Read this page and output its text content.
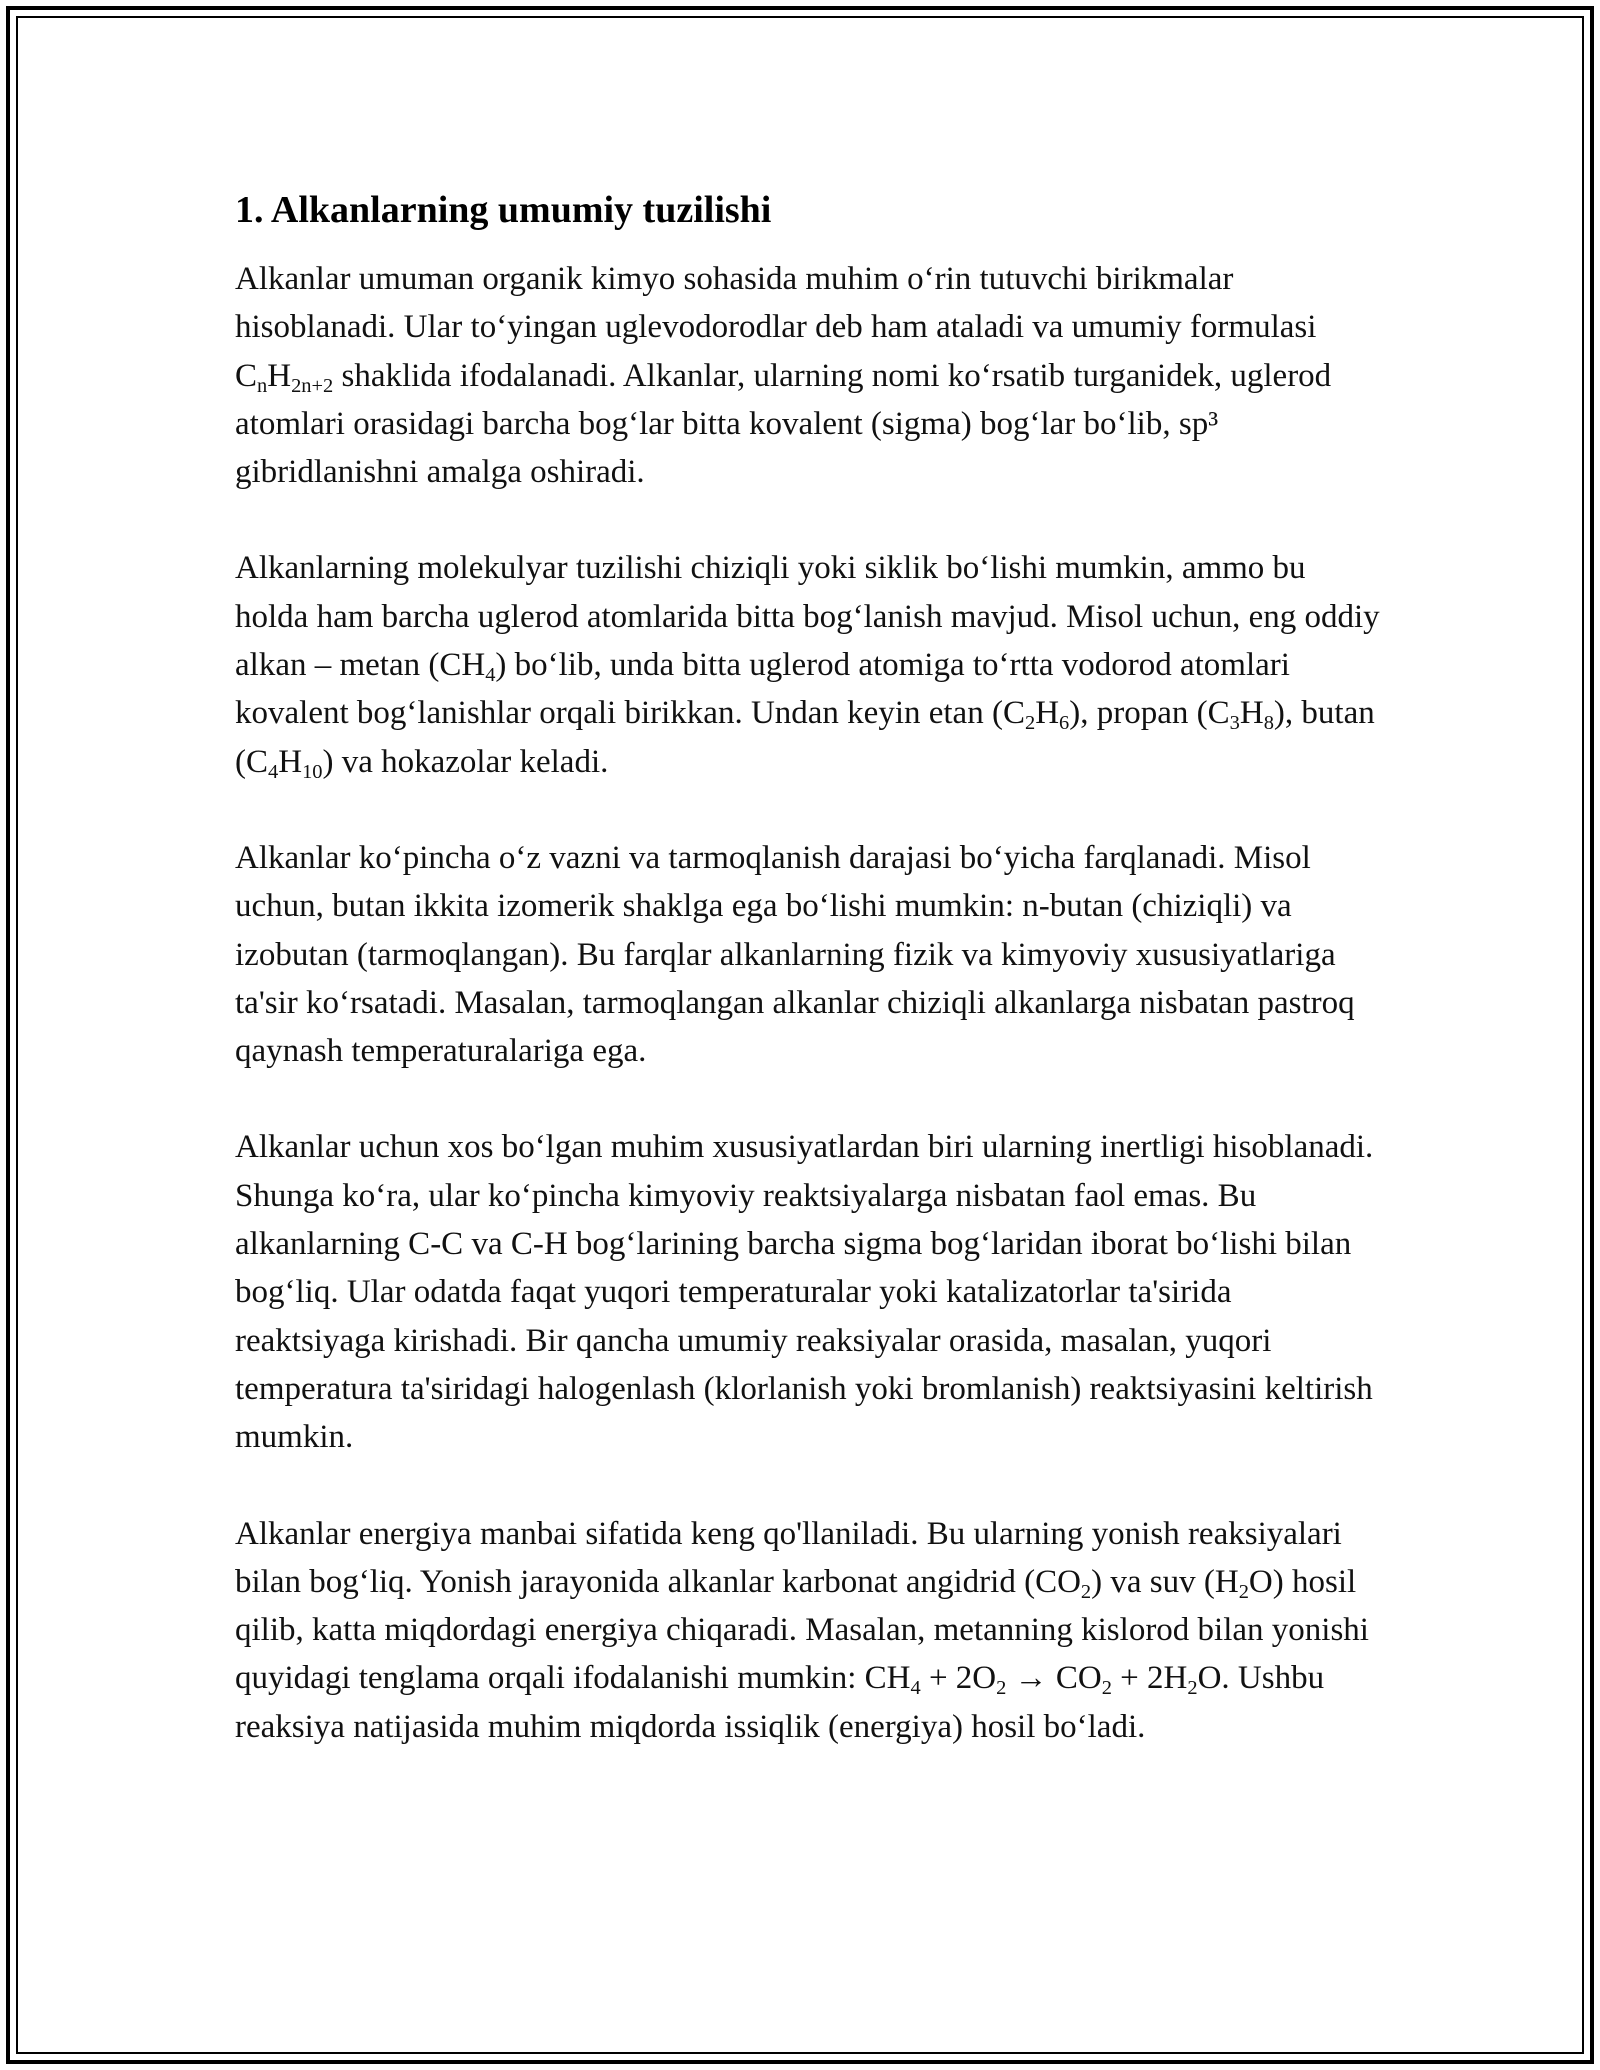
1. Alkanlarning umumiy tuzilishi

Alkanlar umuman organik kimyo sohasida muhim o‘rin tutuvchi birikmalar hisoblanadi. Ular to‘yingan uglevodorodlar deb ham ataladi va umumiy formulasi $C_nH_{2n+2}$ shaklida ifodalanadi. Alkanlar, ularning nomi ko‘rsatib turganidek, uglerod atomlari orasidagi barcha bog‘lar bitta kovalent (sigma) bog‘lar bo‘lib, sp³ gibridlanishni amalga oshiradi.

Alkanlarning molekulyar tuzilishi chiziqli yoki siklik bo‘lishi mumkin, ammo bu holda ham barcha uglerod atomlarida bitta bog‘lanish mavjud. Misol uchun, eng oddiy alkan – metan $(CH_4)$ bo‘lib, unda bitta uglerod atomiga to‘rtta vodorod atomlari kovalent bog‘lanishlar orqali birikkan. Undan keyin etan $(C_2H_6)$, propan $(C_3H_8)$, butan $(C_4H_{10})$ va hokazolar keladi.

Alkanlar ko‘pincha o‘z vazni va tarmoqlanish darajasi bo‘yicha farqlanadi. Misol uchun, butan ikkita izomerik shaklga ega bo‘lishi mumkin: n-butan (chiziqli) va izobutan (tarmoqlangan). Bu farqlar alkanlarning fizik va kimyoviy xususiyatlariga ta'sir ko‘rsatadi. Masalan, tarmoqlangan alkanlar chiziqli alkanlarga nisbatan pastroq qaynash temperaturalariga ega.

Alkanlar uchun xos bo‘lgan muhim xususiyatlardan biri ularning inertligi hisoblanadi. Shunga ko‘ra, ular ko‘pincha kimyoviy reaktsiyalarga nisbatan faol emas. Bu alkanlarning C-C va C-H bog‘larining barcha sigma bog‘laridan iborat bo‘lishi bilan bog‘liq. Ular odatda faqat yuqori temperaturalar yoki katalizatorlar ta'sirida reaktsiyaga kirishadi. Bir qancha umumiy reaksiyalar orasida, masalan, yuqori temperatura ta'siridagi halogenlash (klorlanish yoki bromlanish) reaktsiyasini keltirish mumkin.

Alkanlar energiya manbai sifatida keng qo'llaniladi. Bu ularning yonish reaksiyalari bilan bog‘liq. Yonish jarayonida alkanlar karbonat angidrid $(CO_2)$ va suv $(H_2O)$ hosil qilib, katta miqdordagi energiya chiqaradi. Masalan, metanning kislorod bilan yonishi quyidagi tenglama orqali ifodalanishi mumkin: $CH_4 + 2O_2 \to CO_2 + 2H_2O$. Ushbu reaksiya natijasida muhim miqdorda issiqlik (energiya) hosil bo‘ladi.
